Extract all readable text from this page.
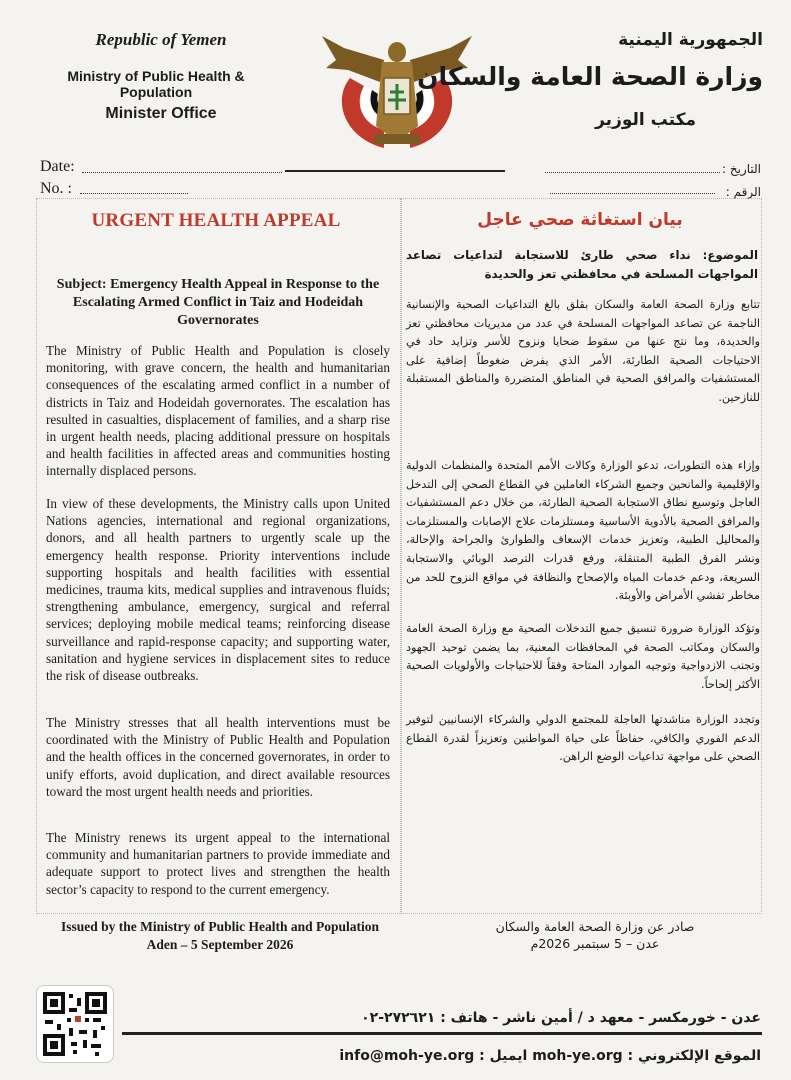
Republic of Yemen
Ministry of Public Health & Population
Minister Office
الجمهورية اليمنية
وزارة الصحة العامة والسكان
مكتب الوزير
Date:
No. :
التاريخ :
الرقم :
URGENT HEALTH APPEAL
Subject: Emergency Health Appeal in Response to the Escalating Armed Conflict in Taiz and Hodeidah Governorates
The Ministry of Public Health and Population is closely monitoring, with grave concern, the health and humanitarian consequences of the escalating armed conflict in a number of districts in Taiz and Hodeidah governorates. The escalation has resulted in casualties, displacement of families, and a sharp rise in urgent health needs, placing additional pressure on hospitals and health facilities in affected areas and communities hosting internally displaced persons.
In view of these developments, the Ministry calls upon United Nations agencies, international and regional organizations, donors, and all health partners to urgently scale up the emergency health response. Priority interventions include supporting hospitals and health facilities with essential medicines, trauma kits, medical supplies and intravenous fluids; strengthening ambulance, emergency, surgical and referral services; deploying mobile medical teams; reinforcing disease surveillance and rapid-response capacity; and supporting water, sanitation and hygiene services in displacement sites to reduce the risk of disease outbreaks.
The Ministry stresses that all health interventions must be coordinated with the Ministry of Public Health and Population and the health offices in the concerned governorates, in order to unify efforts, avoid duplication, and direct available resources toward the most urgent health needs and priorities.
The Ministry renews its urgent appeal to the international community and humanitarian partners to provide immediate and adequate support to protect lives and strengthen the health sector’s capacity to respond to the current emergency.
بيان استغاثة صحي عاجل
الموضوع: نداء صحي طارئ للاستجابة لتداعيات تصاعد المواجهات المسلحة في محافظتي تعز والحديدة
تتابع وزارة الصحة العامة والسكان بقلق بالغ التداعيات الصحية والإنسانية الناجمة عن تصاعد المواجهات المسلحة في عدد من مديريات محافظتي تعز والحديدة، وما نتج عنها من سقوط ضحايا ونزوح للأسر وتزايد حاد في الاحتياجات الصحية الطارئة، الأمر الذي يفرض ضغوطاً إضافية على المستشفيات والمرافق الصحية في المناطق المتضررة والمناطق المستقبلة للنازحين.
وإزاء هذه التطورات، تدعو الوزارة وكالات الأمم المتحدة والمنظمات الدولية والإقليمية والمانحين وجميع الشركاء العاملين في القطاع الصحي إلى التدخل العاجل وتوسيع نطاق الاستجابة الصحية الطارئة، من خلال دعم المستشفيات والمرافق الصحية بالأدوية الأساسية ومستلزمات علاج الإصابات والمستلزمات والمحاليل الطبية، وتعزيز خدمات الإسعاف والطوارئ والجراحة والإحالة، ونشر الفرق الطبية المتنقلة، ورفع قدرات الترصد الوبائي والاستجابة السريعة، ودعم خدمات المياه والإصحاح والنظافة في مواقع النزوح للحد من مخاطر تفشي الأمراض والأوبئة.
وتؤكد الوزارة ضرورة تنسيق جميع التدخلات الصحية مع وزارة الصحة العامة والسكان ومكاتب الصحة في المحافظات المعنية، بما يضمن توحيد الجهود وتجنب الازدواجية وتوجيه الموارد المتاحة وفقاً للاحتياجات والأولويات الصحية الأكثر إلحاحاً.
وتجدد الوزارة مناشدتها العاجلة للمجتمع الدولي والشركاء الإنسانيين لتوفير الدعم الفوري والكافي، حفاظاً على حياة المواطنين وتعزيزاً لقدرة القطاع الصحي على مواجهة تداعيات الوضع الراهن.
Issued by the Ministry of Public Health and Population
Aden – 5 September 2026
صادر عن وزارة الصحة العامة والسكان
عدن – 5 سبتمبر 2026م
عدن - خورمكسر - معهد د / أمين ناشر - هاتف : ٢٧٢٦٢١-٠٢
الموقع الإلكتروني : moh-ye.org ايميل : info@moh-ye.org
